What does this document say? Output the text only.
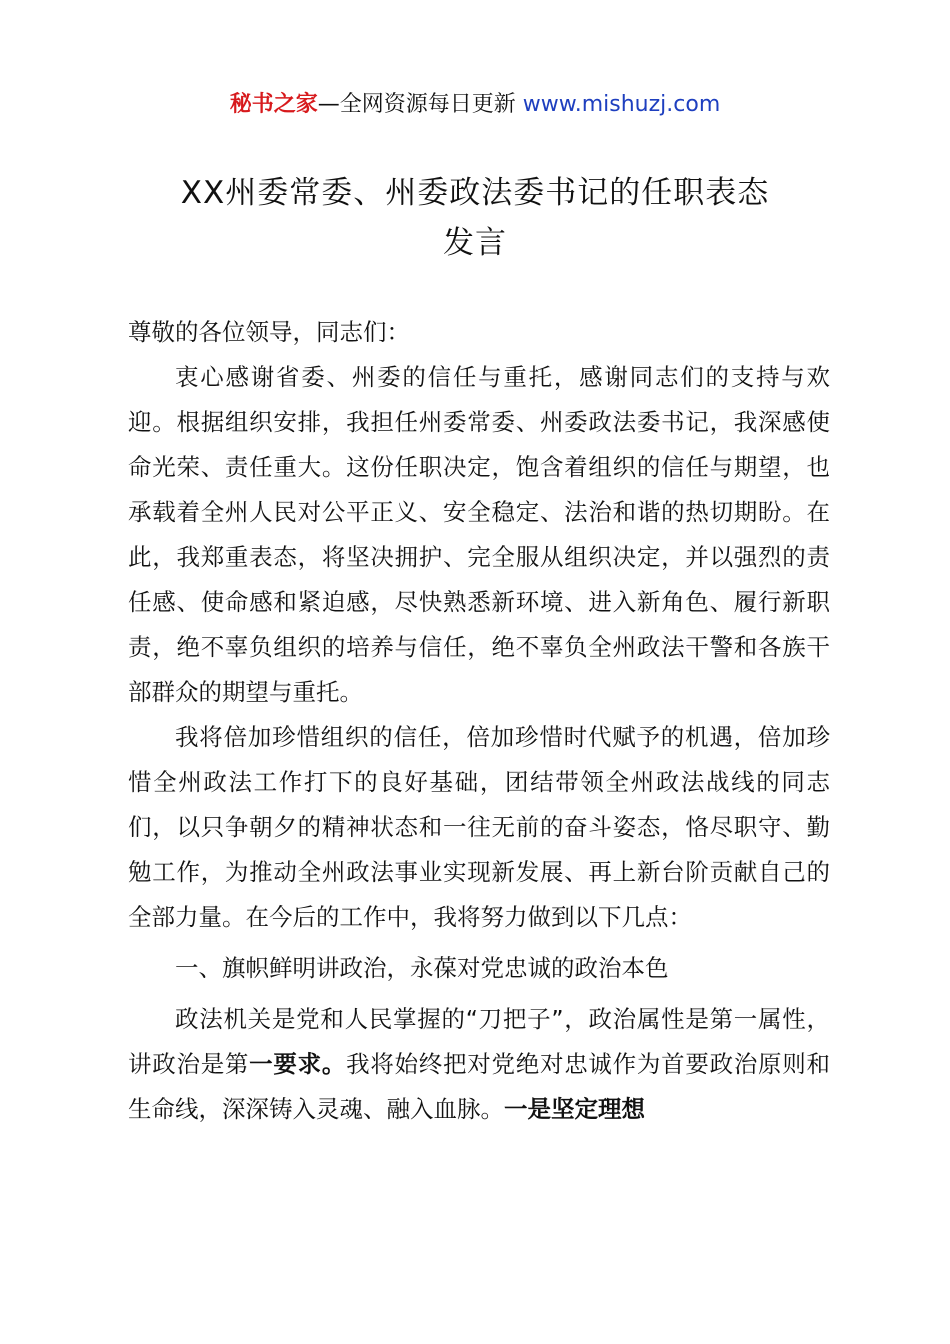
秘书之家—全网资源每日更新 www.mishuzj.com
XX州委常委、州委政法委书记的任职表态
发言

尊敬的各位领导，同志们：

衷心感谢省委、州委的信任与重托，感谢同志们的支持与欢迎。根据组织安排，我担任州委常委、州委政法委书记，我深感使命光荣、责任重大。这份任职决定，饱含着组织的信任与期望，也承载着全州人民对公平正义、安全稳定、法治和谐的热切期盼。在此，我郑重表态，将坚决拥护、完全服从组织决定，并以强烈的责任感、使命感和紧迫感，尽快熟悉新环境、进入新角色、履行新职责，绝不辜负组织的培养与信任，绝不辜负全州政法干警和各族干部群众的期望与重托。

我将倍加珍惜组织的信任，倍加珍惜时代赋予的机遇，倍加珍惜全州政法工作打下的良好基础，团结带领全州政法战线的同志们，以只争朝夕的精神状态和一往无前的奋斗姿态，恪尽职守、勤勉工作，为推动全州政法事业实现新发展、再上新台阶贡献自己的全部力量。在今后的工作中，我将努力做到以下几点：

一、旗帜鲜明讲政治，永葆对党忠诚的政治本色

政法机关是党和人民掌握的“刀把子”，政治属性是第一属性，讲政治是第一要求。我将始终把对党绝对忠诚作为首要政治原则和生命线，深深铸入灵魂、融入血脉。一是坚定理想
